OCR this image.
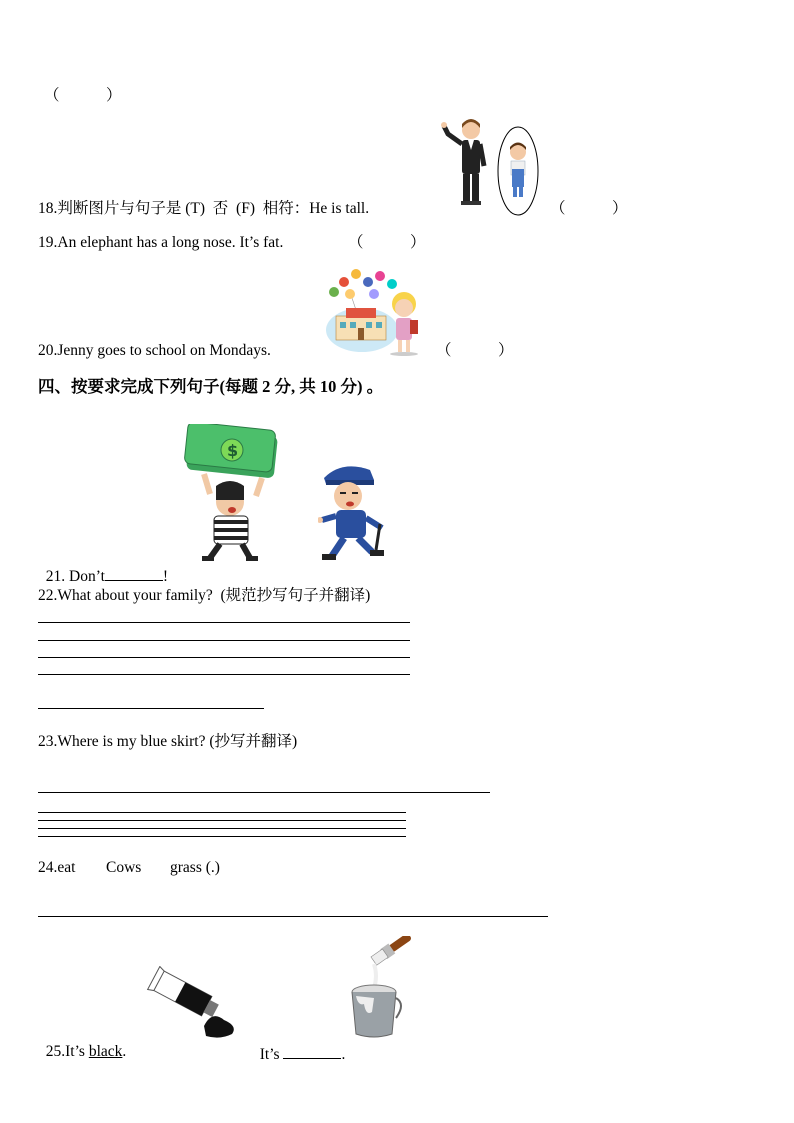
（　　　）
18.判断图片与句子是 (T)  否  (F)  相符：He is tall.	（　　　）
19.An elephant has a long nose. It’s fat.	（　　　）
20.Jenny goes to school on Mondays.	（　　　）
四、按要求完成下列句子(每题 2 分, 共 10 分) 。
$

21. Don’t	!

22.What about your family?  (规范抄写句子并翻译)
23.Where is my blue skirt? (抄写并翻译)
24.eat Cows grass (.)

25.It’s black.	It’s	.
